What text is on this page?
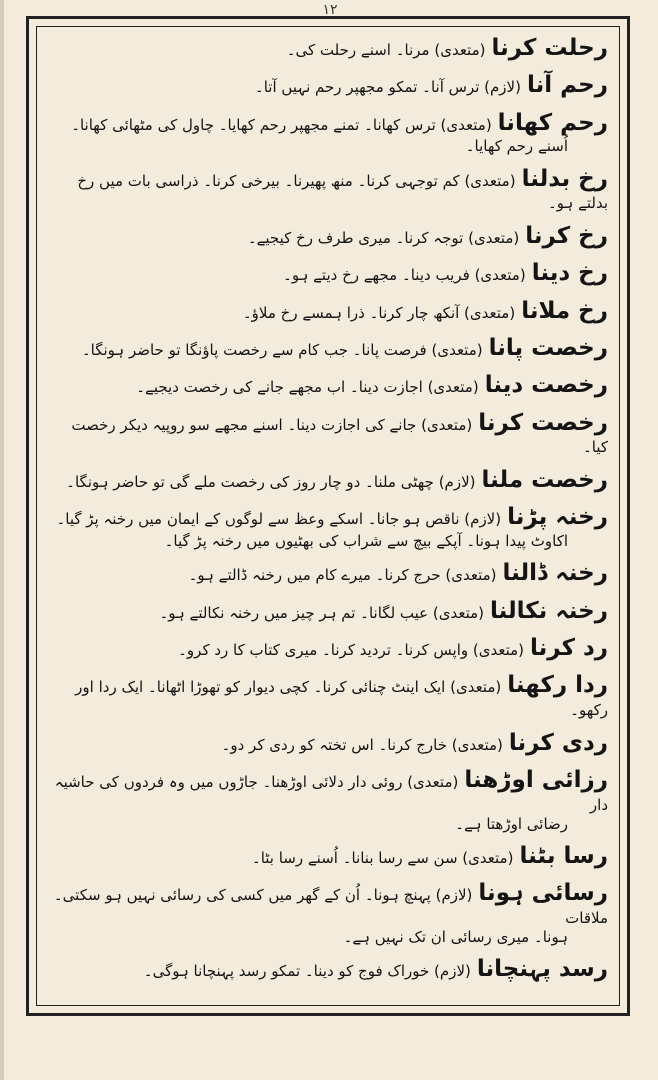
۱۲

رحلت کرنا(متعدی) مرنا۔ اسنے رحلت کی۔

رحم آنا(لازم) ترس آنا۔ تمکو مجھپر رحم نہیں آتا۔

رحم کھانا(متعدی) ترس کھانا۔ تمنے مجھپر رحم کھایا۔ چاول کی مٹھائی کھانا۔
اُسنے رحم کھایا۔

رخ بدلنا(متعدی) کم توجہی کرنا۔ منھ پھیرنا۔ بیرخی کرنا۔ ذراسی بات میں رخ بدلتے ہو۔

رخ کرنا(متعدی) توجہ کرنا۔ میری طرف رخ کیجیے۔

رخ دینا(متعدی) فریب دینا۔ مجھے رخ دیتے ہو۔

رخ ملانا(متعدی) آنکھ چار کرنا۔ ذرا ہمسے رخ ملاؤ۔

رخصت پانا(متعدی) فرصت پانا۔ جب کام سے رخصت پاؤنگا تو حاضر ہونگا۔

رخصت دینا(متعدی) اجازت دینا۔ اب مجھے جانے کی رخصت دیجیے۔

رخصت کرنا(متعدی) جانے کی اجازت دینا۔ اسنے مجھے سو روپیہ دیکر رخصت کیا۔

رخصت ملنا(لازم) چھٹی ملنا۔ دو چار روز کی رخصت ملے گی تو حاضر ہونگا۔

رخنہ پڑنا(لازم) ناقص ہو جانا۔ اسکے وعظ سے لوگوں کے ایمان میں رخنہ پڑ گیا۔
اکاوٹ پیدا ہونا۔ آپکے بیچ سے شراب کی بھٹیوں میں رخنہ پڑ گیا۔

رخنہ ڈالنا(متعدی) حرج کرنا۔ میرے کام میں رخنہ ڈالتے ہو۔

رخنہ نکالنا(متعدی) عیب لگانا۔ تم ہر چیز میں رخنہ نکالتے ہو۔

رد کرنا(متعدی) واپس کرنا۔ تردید کرنا۔ میری کتاب کا رد کرو۔

ردا رکھنا(متعدی) ایک اینٹ چنائی کرنا۔ کچی دیوار کو تھوڑا اٹھانا۔ ایک ردا اور رکھو۔

ردی کرنا(متعدی) خارج کرنا۔ اس تختہ کو ردی کر دو۔

رزائی اوڑھنا(متعدی) روئی دار دلائی اوڑھنا۔ جاڑوں میں وہ فردوں کی حاشیہ دار
رضائی اوڑھتا ہے۔

رسا بٹنا(متعدی) سن سے رسا بنانا۔ اُسنے رسا بٹا۔

رسائی ہونا(لازم) پہنچ ہونا۔ اُن کے گھر میں کسی کی رسائی نہیں ہو سکتی۔ ملاقات
ہونا۔ میری رسائی ان تک نہیں ہے۔

رسد پہنچانا(لازم) خوراک فوج کو دینا۔ تمکو رسد پہنچانا ہوگی۔
